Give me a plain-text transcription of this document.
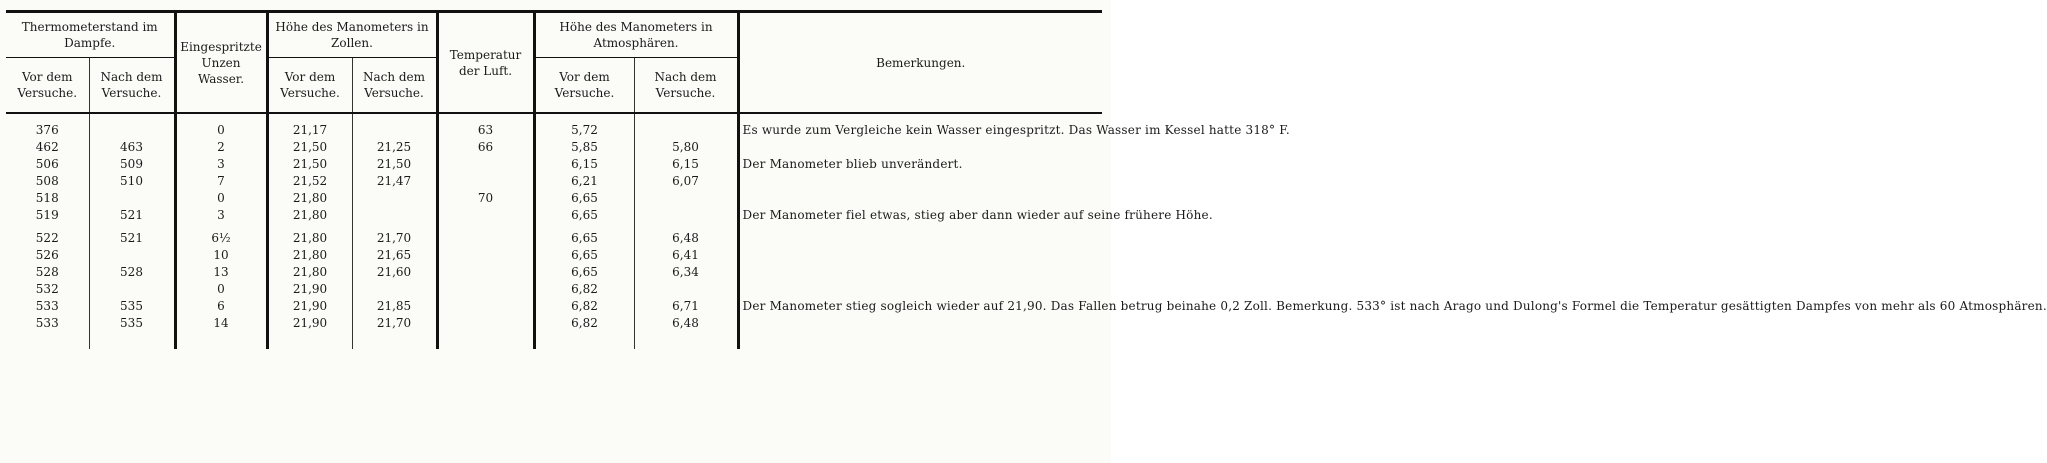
Thermometerstand im Dampfe.		Eingespritzte Unzen Wasser.	Höhe des Manometers in Zollen.		Temperatur der Luft.	Höhe des Manometers in Atmosphären.		Bemerkungen.
Vor dem Versuche.	Nach dem Versuche.		Vor dem Versuche.	Nach dem Versuche.		Vor dem Versuche.	Nach dem Versuche.	
376		0	21,17		63	5,72		Es wurde zum Vergleiche kein Wasser eingespritzt. Das Wasser im Kessel hatte 318° F.
462	463	2	21,50	21,25	66	5,85	5,80	
506	509	3	21,50	21,50		6,15	6,15	Der Manometer blieb unverändert.
508	510	7	21,52	21,47		6,21	6,07	
518		0	21,80		70	6,65		
519	521	3	21,80			6,65		Der Manometer fiel etwas, stieg aber dann wieder auf seine frühere Höhe.
522	521	6½	21,80	21,70		6,65	6,48	
526		10	21,80	21,65		6,65	6,41	
528	528	13	21,80	21,60		6,65	6,34	
532		0	21,90			6,82		
533	535	6	21,90	21,85		6,82	6,71	Der Manometer stieg sogleich wieder auf 21,90. Das Fallen betrug beinahe 0,2 Zoll. Bemerkung. 533° ist nach Arago und Dulong's Formel die Temperatur gesättigten Dampfes von mehr als 60 Atmosphären.
533	535	14	21,90	21,70		6,82	6,48	
